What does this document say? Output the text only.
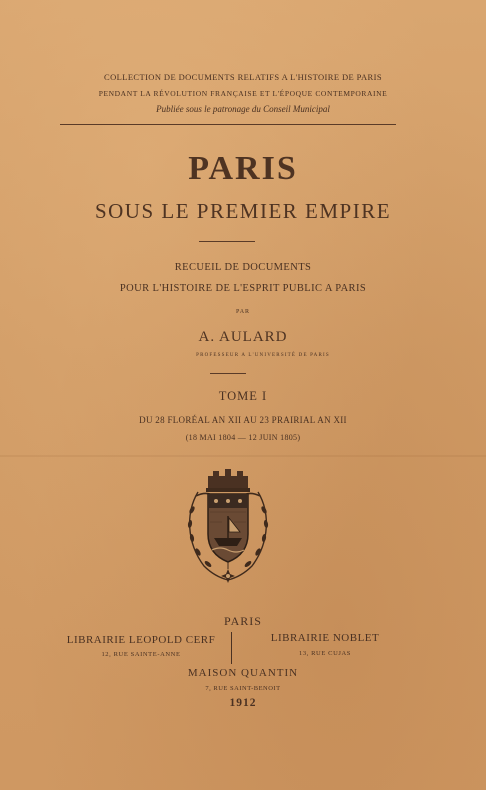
COLLECTION DE DOCUMENTS RELATIFS A L'HISTOIRE DE PARIS
PENDANT LA RÉVOLUTION FRANÇAISE ET L'ÉPOQUE CONTEMPORAINE
Publiée sous le patronage du Conseil Municipal
PARIS
SOUS LE PREMIER EMPIRE
RECUEIL DE DOCUMENTS
POUR L'HISTOIRE DE L'ESPRIT PUBLIC A PARIS
PAR
A. AULARD
PROFESSEUR A L'UNIVERSITÉ DE PARIS
TOME I
DU 28 FLORÉAL AN XII AU 23 PRAIRIAL AN XII
(18 MAI 1804 — 12 JUIN 1805)
PARIS
LIBRAIRIE LEOPOLD CERF
12, RUE SAINTE-ANNE
LIBRAIRIE NOBLET
13, RUE CUJAS
MAISON QUANTIN
7, RUE SAINT-BENOIT
1912
